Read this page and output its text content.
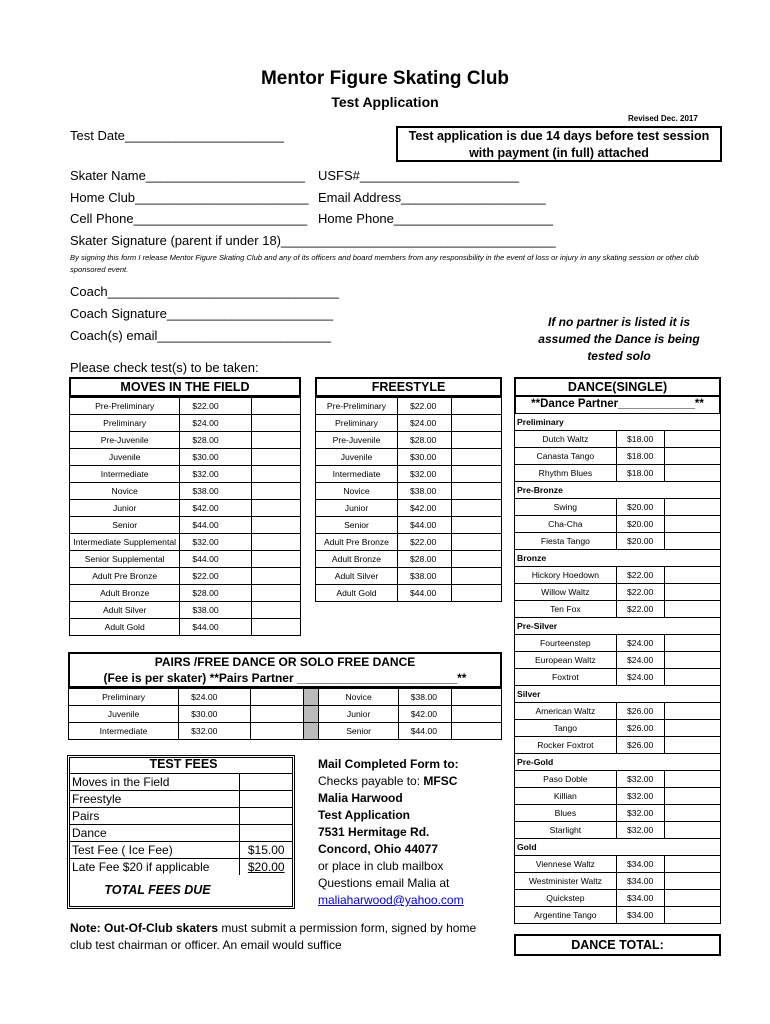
Mentor Figure Skating Club
Test Application
Revised Dec. 2017
Test Date______________________	Test application is due 14 days before test session
with payment (in full) attached
Skater Name______________________ USFS#______________________
Home Club________________________ Email Address____________________
Cell Phone________________________ Home Phone______________________
Skater Signature (parent if under 18)______________________________________
By signing this form I release Mentor Figure Skating Club and any of its officers and board members from any responsibility in the event of loss or injury in any skating session or other club sponsored event.
Coach________________________________
Coach Signature_______________________
Coach(s) email________________________
If no partner is listed it is assumed the Dance is being tested solo
Please check test(s) to be taken:
MOVES IN THE FIELD
Pre-Preliminary	$22.00	
Preliminary	$24.00	
Pre-Juvenile	$28.00	
Juvenile	$30.00	
Intermediate	$32.00	
Novice	$38.00	
Junior	$42.00	
Senior	$44.00	
Intermediate Supplemental	$32.00	
Senior Supplemental	$44.00	
Adult Pre Bronze	$22.00	
Adult Bronze	$28.00	
Adult Silver	$38.00	
Adult Gold	$44.00	
FREESTYLE
Pre-Preliminary	$22.00	
Preliminary	$24.00	
Pre-Juvenile	$28.00	
Juvenile	$30.00	
Intermediate	$32.00	
Novice	$38.00	
Junior	$42.00	
Senior	$44.00	
Adult Pre Bronze	$22.00	
Adult Bronze	$28.00	
Adult Silver	$38.00	
Adult Gold	$44.00	
PAIRS /FREE DANCE OR SOLO FREE DANCE
(Fee is per skater) **Pairs Partner ________________________**
Preliminary	$24.00			Novice	$38.00	
Juvenile	$30.00			Junior	$42.00	
Intermediate	$32.00			Senior	$44.00	
DANCE(SINGLE)
**Dance Partner____________**
Preliminary		
Dutch Waltz	$18.00	
Canasta Tango	$18.00	
Rhythm Blues	$18.00	
Pre-Bronze		
Swing	$20.00	
Cha-Cha	$20.00	
Fiesta Tango	$20.00	
Bronze		
Hickory Hoedown	$22.00	
Willow Waltz	$22.00	
Ten Fox	$22.00	
Pre-Silver		
Fourteenstep	$24.00	
European Waltz	$24.00	
Foxtrot	$24.00	
Silver		
American Waltz	$26.00	
Tango	$26.00	
Rocker Foxtrot	$26.00	
Pre-Gold		
Paso Doble	$32.00	
Killian	$32.00	
Blues	$32.00	
Starlight	$32.00	
Gold		
Viennese Waltz	$34.00	
Westminister Waltz	$34.00	
Quickstep	$34.00	
Argentine Tango	$34.00	
DANCE TOTAL:
TEST FEES
Moves in the Field	
Freestyle	
Pairs	
Dance	
Test Fee ( Ice Fee)	$15.00
Late Fee $20 if applicable	$20.00
TOTAL FEES DUE
Mail Completed Form to:
Checks payable to: MFSC
Malia Harwood
Test Application
7531 Hermitage Rd.
Concord, Ohio 44077
or place in club mailbox
Questions email Malia at
maliaharwood@yahoo.com
Note: Out-Of-Club skaters must submit a permission form, signed by home club test chairman or officer. An email would suffice
